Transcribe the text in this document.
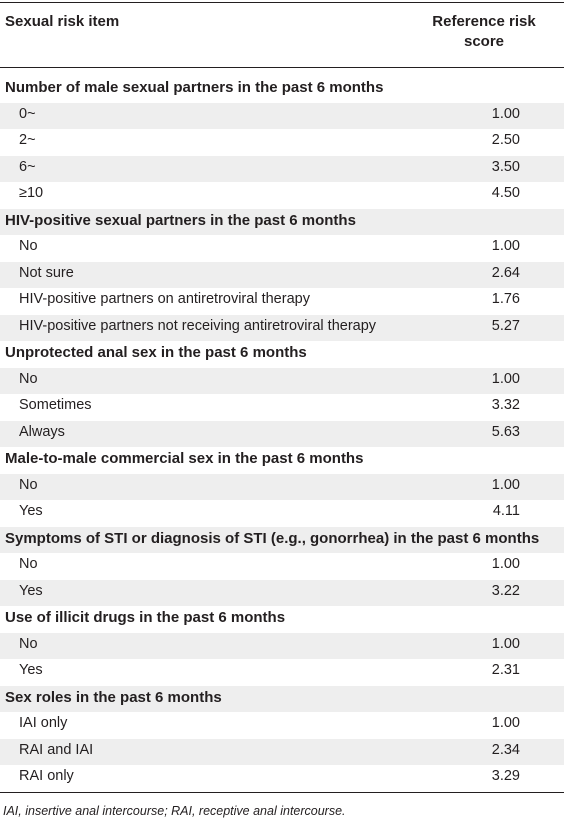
Sexual risk item	Reference risk
score
Number of male sexual partners in the past 6 months
0~	1.00
2~	2.50
6~	3.50
≥10	4.50
HIV-positive sexual partners in the past 6 months
No	1.00
Not sure	2.64
HIV-positive partners on antiretroviral therapy	1.76
HIV-positive partners not receiving antiretroviral therapy	5.27
Unprotected anal sex in the past 6 months
No	1.00
Sometimes	3.32
Always	5.63
Male-to-male commercial sex in the past 6 months
No	1.00
Yes	4.11
Symptoms of STI or diagnosis of STI (e.g., gonorrhea) in the past 6 months
No	1.00
Yes	3.22
Use of illicit drugs in the past 6 months
No	1.00
Yes	2.31
Sex roles in the past 6 months
IAI only	1.00
RAI and IAI	2.34
RAI only	3.29
IAI, insertive anal intercourse; RAI, receptive anal intercourse.
